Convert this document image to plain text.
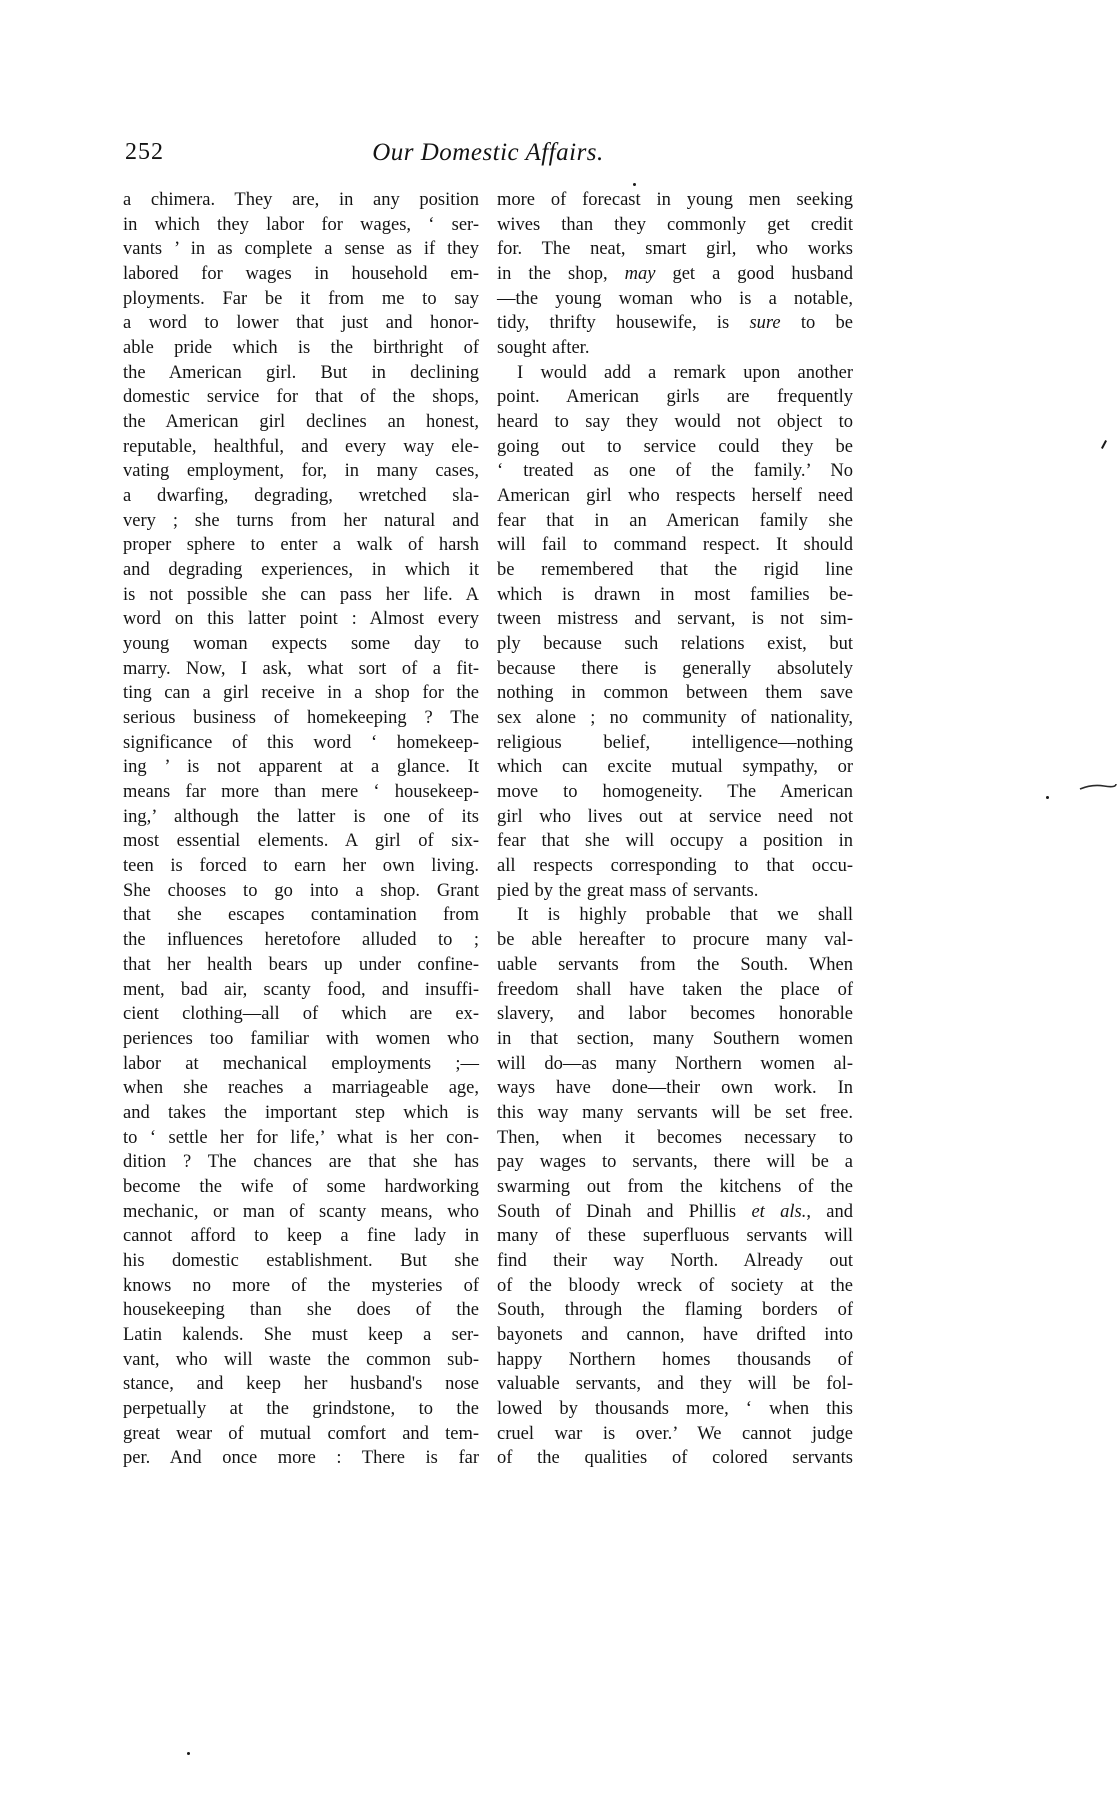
252	Our Domestic Affairs.
a chimera. They are, in any position
in which they labor for wages, ‘ ser-
vants ’ in as complete a sense as if they
labored for wages in household em-
ployments. Far be it from me to say
a word to lower that just and honor-
able pride which is the birthright of
the American girl. But in declining
domestic service for that of the shops,
the American girl declines an honest,
reputable, healthful, and every way ele-
vating employment, for, in many cases,
a dwarfing, degrading, wretched sla-
very ; she turns from her natural and
proper sphere to enter a walk of harsh
and degrading experiences, in which it
is not possible she can pass her life. A
word on this latter point : Almost every
young woman expects some day to
marry. Now, I ask, what sort of a fit-
ting can a girl receive in a shop for the
serious business of homekeeping ? The
significance of this word ‘ homekeep-
ing ’ is not apparent at a glance. It
means far more than mere ‘ housekeep-
ing,’ although the latter is one of its
most essential elements. A girl of six-
teen is forced to earn her own living.
She chooses to go into a shop. Grant
that she escapes contamination from
the influences heretofore alluded to ;
that her health bears up under confine-
ment, bad air, scanty food, and insuffi-
cient clothing—all of which are ex-
periences too familiar with women who
labor at mechanical employments ;—
when she reaches a marriageable age,
and takes the important step which is
to ‘ settle her for life,’ what is her con-
dition ? The chances are that she has
become the wife of some hardworking
mechanic, or man of scanty means, who
cannot afford to keep a fine lady in
his domestic establishment. But she
knows no more of the mysteries of
housekeeping than she does of the
Latin kalends. She must keep a ser-
vant, who will waste the common sub-
stance, and keep her husband's nose
perpetually at the grindstone, to the
great wear of mutual comfort and tem-
per. And once more : There is far
more of forecast in young men seeking
wives than they commonly get credit
for. The neat, smart girl, who works
in the shop, may get a good husband
—the young woman who is a notable,
tidy, thrifty housewife, is sure to be
sought after.
I would add a remark upon another
point. American girls are frequently
heard to say they would not object to
going out to service could they be
‘ treated as one of the family.’ No
American girl who respects herself need
fear that in an American family she
will fail to command respect. It should
be remembered that the rigid line
which is drawn in most families be-
tween mistress and servant, is not sim-
ply because such relations exist, but
because there is generally absolutely
nothing in common between them save
sex alone ; no community of nationality,
religious belief, intelligence—nothing
which can excite mutual sympathy, or
move to homogeneity. The American
girl who lives out at service need not
fear that she will occupy a position in
all respects corresponding to that occu-
pied by the great mass of servants.
It is highly probable that we shall
be able hereafter to procure many val-
uable servants from the South. When
freedom shall have taken the place of
slavery, and labor becomes honorable
in that section, many Southern women
will do—as many Northern women al-
ways have done—their own work. In
this way many servants will be set free.
Then, when it becomes necessary to
pay wages to servants, there will be a
swarming out from the kitchens of the
South of Dinah and Phillis et als., and
many of these superfluous servants will
find their way North. Already out
of the bloody wreck of society at the
South, through the flaming borders of
bayonets and cannon, have drifted into
happy Northern homes thousands of
valuable servants, and they will be fol-
lowed by thousands more, ‘ when this
cruel war is over.’ We cannot judge
of the qualities of colored servants
